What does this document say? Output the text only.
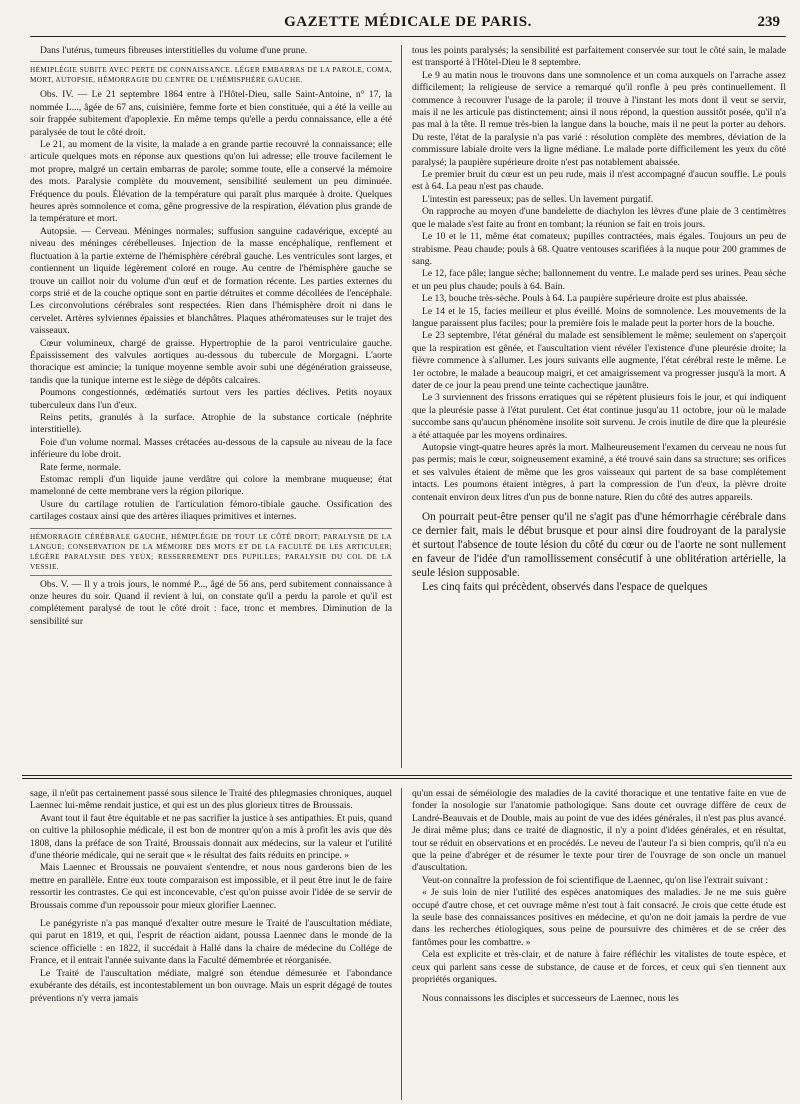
GAZETTE MÉDICALE DE PARIS.	239

Dans l'utérus, tumeurs fibreuses interstitielles du volume d'une prune.

HÉMIPLÉGIE SUBITE AVEC PERTE DE CONNAISSANCE. LÉGER EMBARRAS DE LA PAROLE, COMA, MORT, AUTOPSIE, HÉMORRAGIE DU CENTRE DE L'HÉMISPHÈRE GAUCHE.

Obs. IV. — Le 21 septembre 1864 entre à l'Hôtel-Dieu, salle Saint-Antoine, n° 17, la nommée L..., âgée de 67 ans, cuisinière, femme forte et bien constituée, qui a été la veille au soir frappée subitement d'apoplexie. En même temps qu'elle a perdu connaissance, elle a été paralysée de tout le côté droit.

Le 21, au moment de la visite, la malade a en grande partie recouvré la connaissance; elle articule quelques mots en réponse aux questions qu'on lui adresse; elle trouve facilement le mot propre, malgré un certain embarras de parole; somme toute, elle a conservé la mémoire des mots. Paralysie complète du mouvement, sensibilité seulement un peu diminuée. Fréquence du pouls. Élévation de la température qui paraît plus marquée à droite. Quelques heures après somnolence et coma, gêne progressive de la respiration, élévation plus grande de la température et mort.

Autopsie. — Cerveau. Méninges normales; suffusion sanguine cadavérique, excepté au niveau des méninges cérébelleuses. Injection de la masse encéphalique, renflement et fluctuation à la partie externe de l'hémisphère cérébral gauche. Les ventricules sont larges, et contiennent un liquide légèrement coloré en rouge. Au centre de l'hémisphère gauche se trouve un caillot noir du volume d'un œuf et de formation récente. Les parties externes du corps strié et de la couche optique sont en partie détruites et comme décollées de l'encéphale. Les circonvolutions cérébrales sont respectées. Rien dans l'hémisphère droit ni dans le cervelet. Artères sylviennes épaissies et blanchâtres. Plaques athéromateuses sur le trajet des vaisseaux.

Cœur volumineux, chargé de graisse. Hypertrophie de la paroi ventriculaire gauche. Épaississement des valvules aortiques au-dessous du tubercule de Morgagni. L'aorte thoracique est amincie; la tunique moyenne semble avoir subi une dégénération graisseuse, tandis que la tunique interne est le siège de dépôts calcaires.

Poumons congestionnés, œdématiés surtout vers les parties déclives. Petits noyaux tuberculeux dans l'un d'eux.

Reins petits, granulés à la surface. Atrophie de la substance corticale (néphrite interstitielle).

Foie d'un volume normal. Masses crétacées au-dessous de la capsule au niveau de la face inférieure du lobe droit.

Rate ferme, normale.

Estomac rempli d'un liquide jaune verdâtre qui colore la membrane muqueuse; état mamelonné de cette membrane vers la région pilorique.

Usure du cartilage rotulien de l'articulation fémoro-tibiale gauche. Ossification des cartilages costaux ainsi que des artères iliaques primitives et internes.

HÉMORRAGIE CÉRÉBRALE GAUCHE, HÉMIPLÉGIE DE TOUT LE CÔTÉ DROIT; PARALYSIE DE LA LANGUE; CONSERVATION DE LA MÉMOIRE DES MOTS ET DE LA FACULTÉ DE LES ARTICULER; LÉGÈRE PARALYSIE DES YEUX; RESSERREMENT DES PUPILLES; PARALYSIE DU COL DE LA VESSIE.

Obs. V. — Il y a trois jours, le nommé P..., âgé de 56 ans, perd subitement connaissance à onze heures du soir. Quand il revient à lui, on constate qu'il a perdu la parole et qu'il est complétement paralysé de tout le côté droit : face, tronc et membres. Diminution de la sensibilité sur

tous les points paralysés; la sensibilité est parfaitement conservée sur tout le côté sain, le malade est transporté à l'Hôtel-Dieu le 8 septembre.

Le 9 au matin nous le trouvons dans une somnolence et un coma auxquels on l'arrache assez difficilement; la religieuse de service a remarqué qu'il ronfle à peu près continuellement. Il commence à recouvrer l'usage de la parole; il trouve à l'instant les mots dont il veut se servir, mais il ne les articule pas distinctement; ainsi il nous répond, la question aussitôt posée, qu'il n'a pas mal à la tête. Il remue très-bien la langue dans la bouche, mais il ne peut la porter au dehors. Du reste, l'état de la paralysie n'a pas varié : résolution complète des membres, déviation de la commissure labiale droite vers la ligne médiane. Le malade porte difficilement les yeux du côté paralysé; la paupière supérieure droite n'est pas notablement abaissée.

Le premier bruit du cœur est un peu rude, mais il n'est accompagné d'aucun souffle. Le pouls est à 64. La peau n'est pas chaude.

L'intestin est paresseux; pas de selles. Un lavement purgatif.

On rapproche au moyen d'une bandelette de diachylon les lèvres d'une plaie de 3 centimètres que le malade s'est faite au front en tombant; la réunion se fait en trois jours.

Le 10 et le 11, même état comateux; pupilles contractées, mais égales. Toujours un peu de strabisme. Peau chaude; pouls à 68. Quatre ventouses scarifiées à la nuque pour 200 grammes de sang.

Le 12, face pâle; langue sèche; ballonnement du ventre. Le malade perd ses urines. Peau sèche et un peu plus chaude; pouls à 64. Bain.

Le 13, bouche très-sèche. Pouls à 64. La paupière supérieure droite est plus abaissée.

Le 14 et le 15, facies meilleur et plus éveillé. Moins de somnolence. Les mouvements de la langue paraissent plus faciles; pour la première fois le malade peut la porter hors de la bouche.

Le 23 septembre, l'état général du malade est sensiblement le même; seulement on s'aperçoit que la respiration est gênée, et l'auscultation vient révéler l'existence d'une pleurésie droite; la fièvre commence à s'allumer. Les jours suivants elle augmente, l'état cérébral reste le même. Le 1er octobre, le malade a beaucoup maigri, et cet amaigrissement va progresser jusqu'à la mort. A dater de ce jour la peau prend une teinte cachectique jaunâtre.

Le 3 surviennent des frissons erratiques qui se répètent plusieurs fois le jour, et qui indiquent que la pleurésie passe à l'état purulent. Cet état continue jusqu'au 11 octobre, jour où le malade succombe sans qu'aucun phénomène insolite soit survenu. Je crois inutile de dire que la pleurésie a été attaquée par les moyens ordinaires.

Autopsie vingt-quatre heures après la mort. Malheureusement l'examen du cerveau ne nous fut pas permis; mais le cœur, soigneusement examiné, a été trouvé sain dans sa structure; ses orifices et ses valvules étaient de même que les gros vaisseaux qui partent de sa base complétement intacts. Les poumons étaient intègres, à part la compression de l'un d'eux, la plèvre droite contenait environ deux litres d'un pus de bonne nature. Rien du côté des autres appareils.

On pourrait peut-être penser qu'il ne s'agit pas d'une hémorrhagie cérébrale dans ce dernier fait, mais le début brusque et pour ainsi dire foudroyant de la paralysie et surtout l'absence de toute lésion du côté du cœur ou de l'aorte ne sont nullement en faveur de l'idée d'un ramollissement consécutif à une oblitération artérielle, la seule lésion supposable.

Les cinq faits qui précèdent, observés dans l'espace de quelques

sage, il n'eût pas certainement passé sous silence le Traité des phlegmasies chroniques, auquel Laennec lui-même rendait justice, et qui est un des plus glorieux titres de Broussais.

Avant tout il faut être équitable et ne pas sacrifier la justice à ses antipathies. Et puis, quand on cultive la philosophie médicale, il est bon de montrer qu'on a mis à profit les avis que dès 1808, dans la préface de son Traité, Broussais donnait aux médecins, sur la valeur et l'utilité d'une théorie médicale, qui ne serait que « le résultat des faits réduits en principe. »

Mais Laennec et Broussais ne pouvaient s'entendre, et nous nous garderons bien de les mettre en parallèle. Entre eux toute comparaison est impossible, et il peut être inut le de faire ressortir les contrastes. Ce qui est inconcevable, c'est qu'on puisse avoir l'idée de se servir de Broussais comme d'un repoussoir pour mieux glorifier Laennec.

Le panégyriste n'a pas manqué d'exalter outre mesure le Traité de l'auscultation médiate, qui parut en 1819, et qui, l'esprit de réaction aidant, poussa Laennec dans le monde de la science officielle : en 1822, il succédait à Hallé dans la chaire de médecine du Collége de France, et il entrait l'année suivante dans la Faculté démembrée et réorganisée.

Le Traité de l'auscultation médiate, malgré son étendue démesurée et l'abondance exubérante des détails, est incontestablement un bon ouvrage. Mais un esprit dégagé de toutes préventions n'y verra jamais

qu'un essai de séméiologie des maladies de la cavité thoracique et une tentative faite en vue de fonder la nosologie sur l'anatomie pathologique. Sans doute cet ouvrage diffère de ceux de Landré-Beauvais et de Double, mais au point de vue des idées générales, il n'est pas plus avancé. Je dirai même plus; dans ce traité de diagnostic, il n'y a point d'idées générales, et en résultat, tout se réduit en observations et en procédés. Le neveu de l'auteur l'a si bien compris, qu'il n'a eu que la peine d'abréger et de résumer le texte pour tirer de l'ouvrage de son oncle un manuel d'auscultation.

Veut-on connaître la profession de foi scientifique de Laennec, qu'on lise l'extrait suivant :

« Je suis loin de nier l'utilité des espèces anatomiques des maladies. Je ne me suis guère occupé d'autre chose, et cet ouvrage même n'est tout à fait consacré. Je crois que cette étude est la seule base des connaissances positives en médecine, et qu'on ne doit jamais la perdre de vue dans les recherches étiologiques, sous peine de poursuivre des chimères et de se créer des fantômes pour les combattre. »

Cela est explicite et très-clair, et de nature à faire réfléchir les vitalistes de toute espèce, et ceux qui parlent sans cesse de substance, de cause et de forces, et ceux qui s'en tiennent aux propriétés organiques.

Nous connaissons les disciples et successeurs de Laennec, nous les
